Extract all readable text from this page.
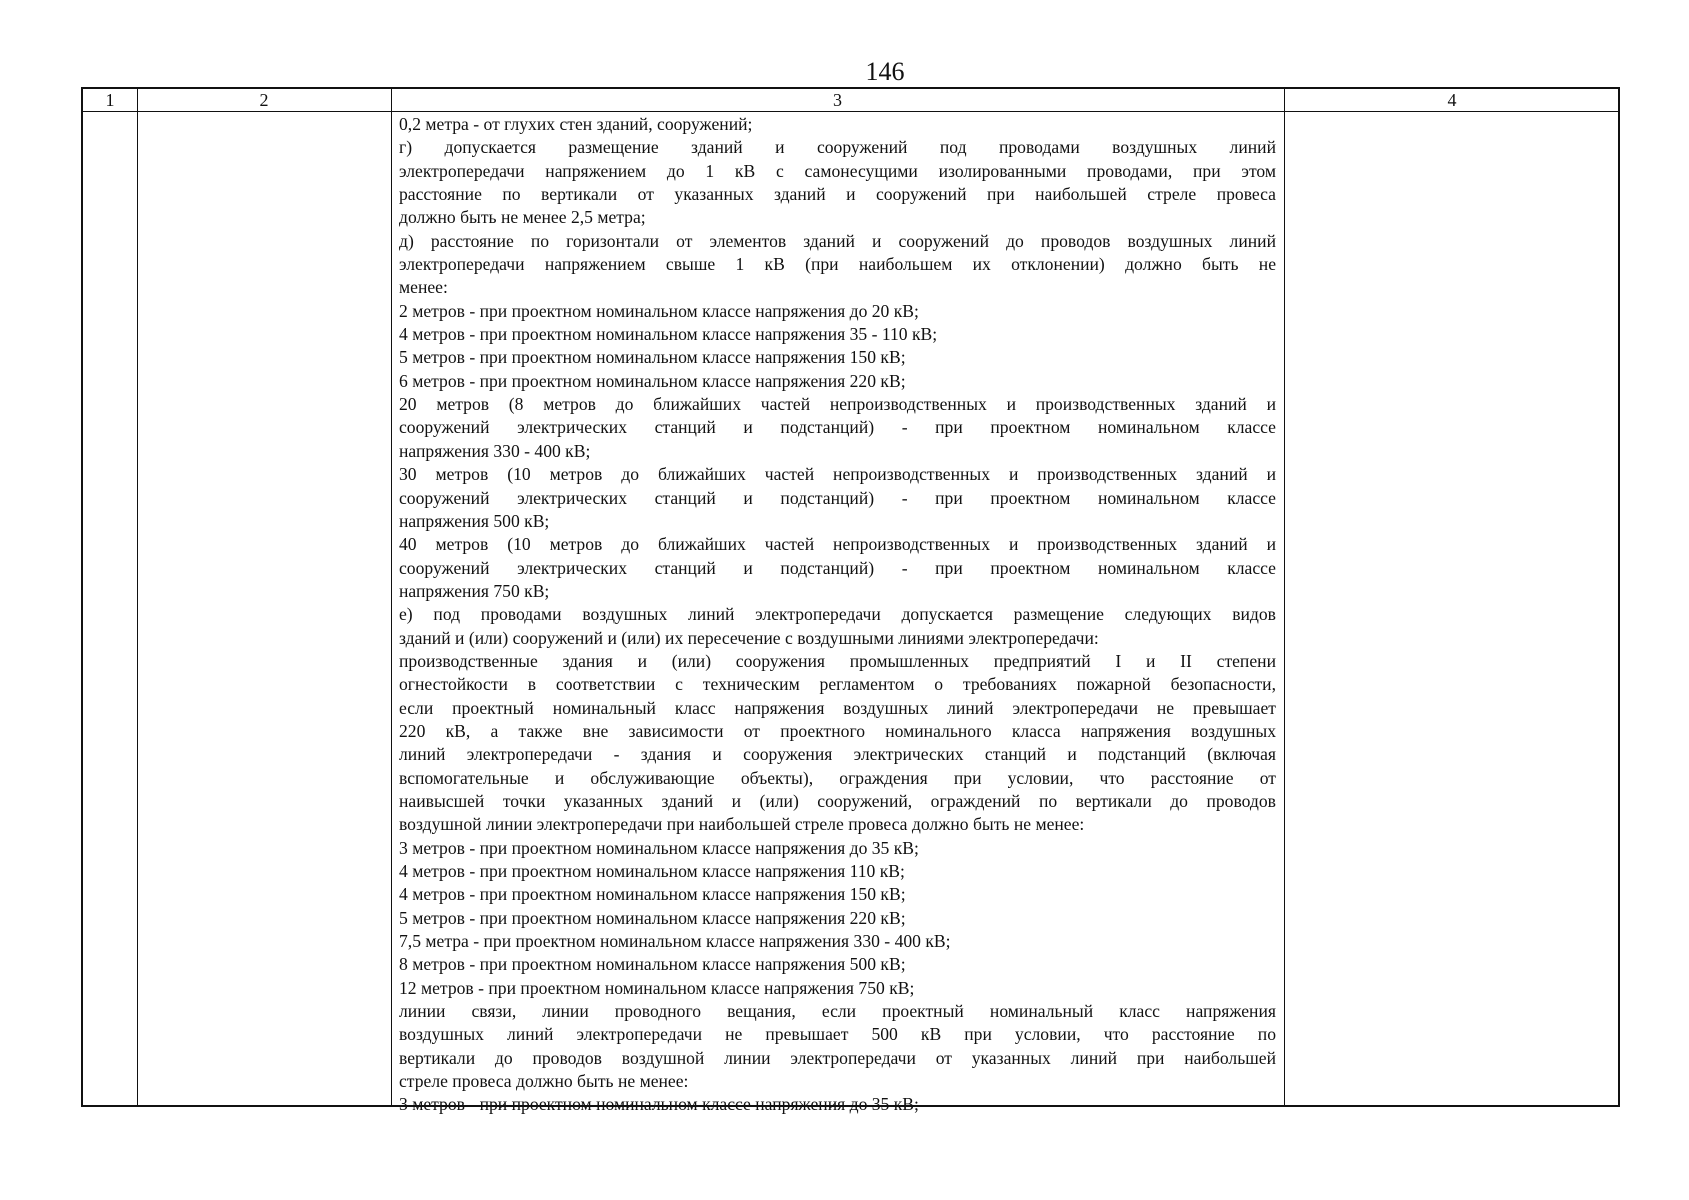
146
1	2	3	4
0,2 метра - от глухих стен зданий, сооружений;
г) допускается размещение зданий и сооружений под проводами воздушных линий
электропередачи напряжением до 1 кВ с самонесущими изолированными проводами, при этом
расстояние по вертикали от указанных зданий и сооружений при наибольшей стреле провеса
должно быть не менее 2,5 метра;
д) расстояние по горизонтали от элементов зданий и сооружений до проводов воздушных линий
электропередачи напряжением свыше 1 кВ (при наибольшем их отклонении) должно быть не
менее:
2 метров - при проектном номинальном классе напряжения до 20 кВ;
4 метров - при проектном номинальном классе напряжения 35 - 110 кВ;
5 метров - при проектном номинальном классе напряжения 150 кВ;
6 метров - при проектном номинальном классе напряжения 220 кВ;
20 метров (8 метров до ближайших частей непроизводственных и производственных зданий и
сооружений электрических станций и подстанций) - при проектном номинальном классе
напряжения 330 - 400 кВ;
30 метров (10 метров до ближайших частей непроизводственных и производственных зданий и
сооружений электрических станций и подстанций) - при проектном номинальном классе
напряжения 500 кВ;
40 метров (10 метров до ближайших частей непроизводственных и производственных зданий и
сооружений электрических станций и подстанций) - при проектном номинальном классе
напряжения 750 кВ;
е) под проводами воздушных линий электропередачи допускается размещение следующих видов
зданий и (или) сооружений и (или) их пересечение с воздушными линиями электропередачи:
производственные здания и (или) сооружения промышленных предприятий I и II степени
огнестойкости в соответствии с техническим регламентом о требованиях пожарной безопасности,
если проектный номинальный класс напряжения воздушных линий электропередачи не превышает
220 кВ, а также вне зависимости от проектного номинального класса напряжения воздушных
линий электропередачи - здания и сооружения электрических станций и подстанций (включая
вспомогательные и обслуживающие объекты), ограждения при условии, что расстояние от
наивысшей точки указанных зданий и (или) сооружений, ограждений по вертикали до проводов
воздушной линии электропередачи при наибольшей стреле провеса должно быть не менее:
3 метров - при проектном номинальном классе напряжения до 35 кВ;
4 метров - при проектном номинальном классе напряжения 110 кВ;
4 метров - при проектном номинальном классе напряжения 150 кВ;
5 метров - при проектном номинальном классе напряжения 220 кВ;
7,5 метра - при проектном номинальном классе напряжения 330 - 400 кВ;
8 метров - при проектном номинальном классе напряжения 500 кВ;
12 метров - при проектном номинальном классе напряжения 750 кВ;
линии связи, линии проводного вещания, если проектный номинальный класс напряжения
воздушных линий электропередачи не превышает 500 кВ при условии, что расстояние по
вертикали до проводов воздушной линии электропередачи от указанных линий при наибольшей
стреле провеса должно быть не менее:
3 метров - при проектном номинальном классе напряжения до 35 кВ;
